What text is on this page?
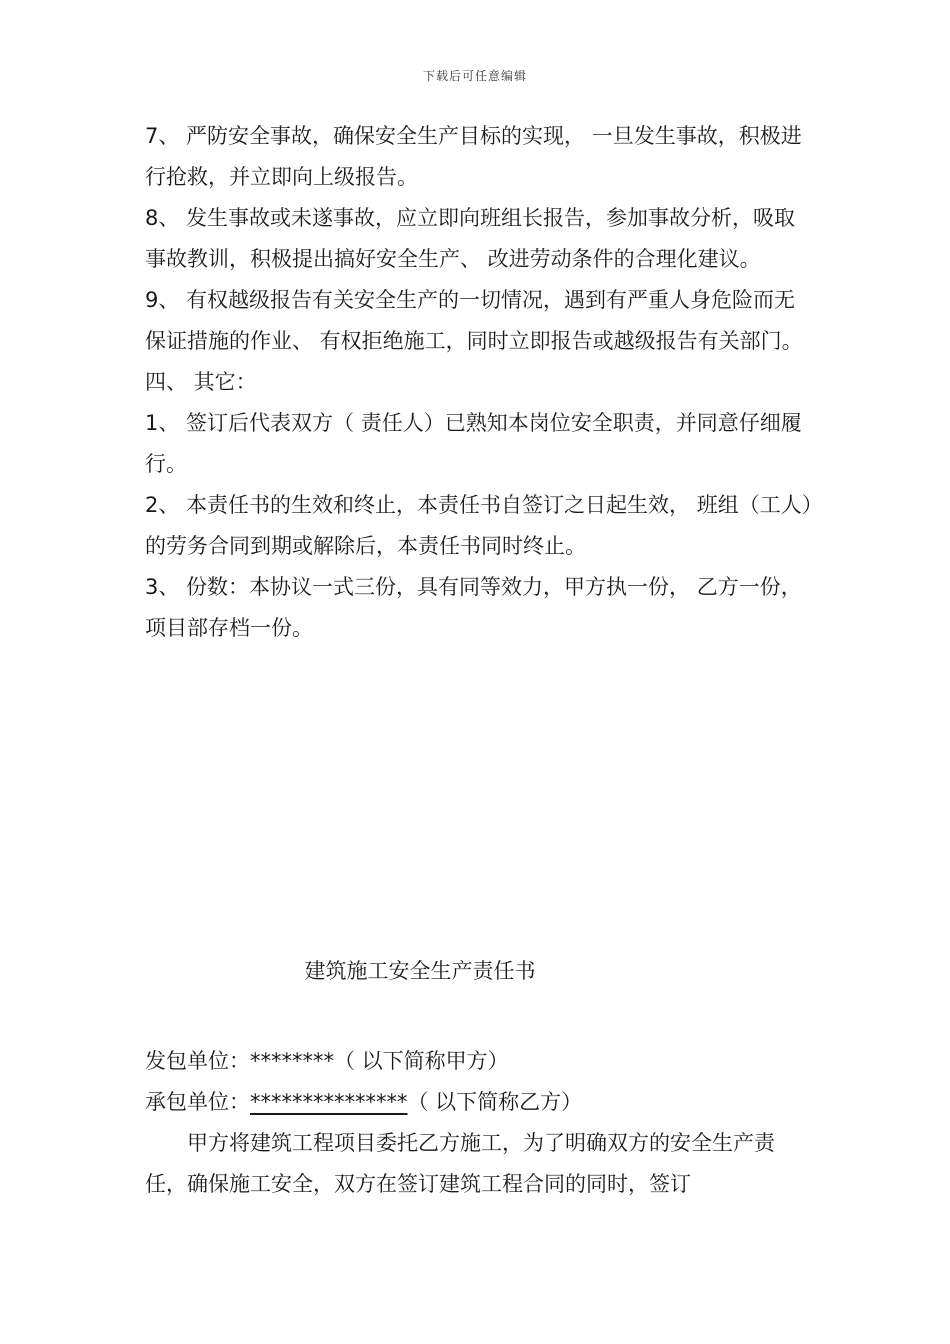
下载后可任意编辑

7、 严防安全事故，确保安全生产目标的实现， 一旦发生事故，积极进行抢救，并立即向上级报告。

8、 发生事故或未遂事故，应立即向班组长报告，参加事故分析，吸取事故教训，积极提出搞好安全生产、 改进劳动条件的合理化建议。

9、 有权越级报告有关安全生产的一切情况，遇到有严重人身危险而无保证措施的作业、 有权拒绝施工，同时立即报告或越级报告有关部门。

四、 其它：

1、 签订后代表双方（ 责任人）已熟知本岗位安全职责，并同意仔细履行。

2、 本责任书的生效和终止，本责任书自签订之日起生效， 班组（工人）的劳务合同到期或解除后，本责任书同时终止。

3、 份数：本协议一式三份，具有同等效力，甲方执一份， 乙方一份，项目部存档一份。

建筑施工安全生产责任书

发包单位：********（ 以下简称甲方）

承包单位：***************（ 以下简称乙方）

甲方将建筑工程项目委托乙方施工，为了明确双方的安全生产责任，确保施工安全，双方在签订建筑工程合同的同时，签订
